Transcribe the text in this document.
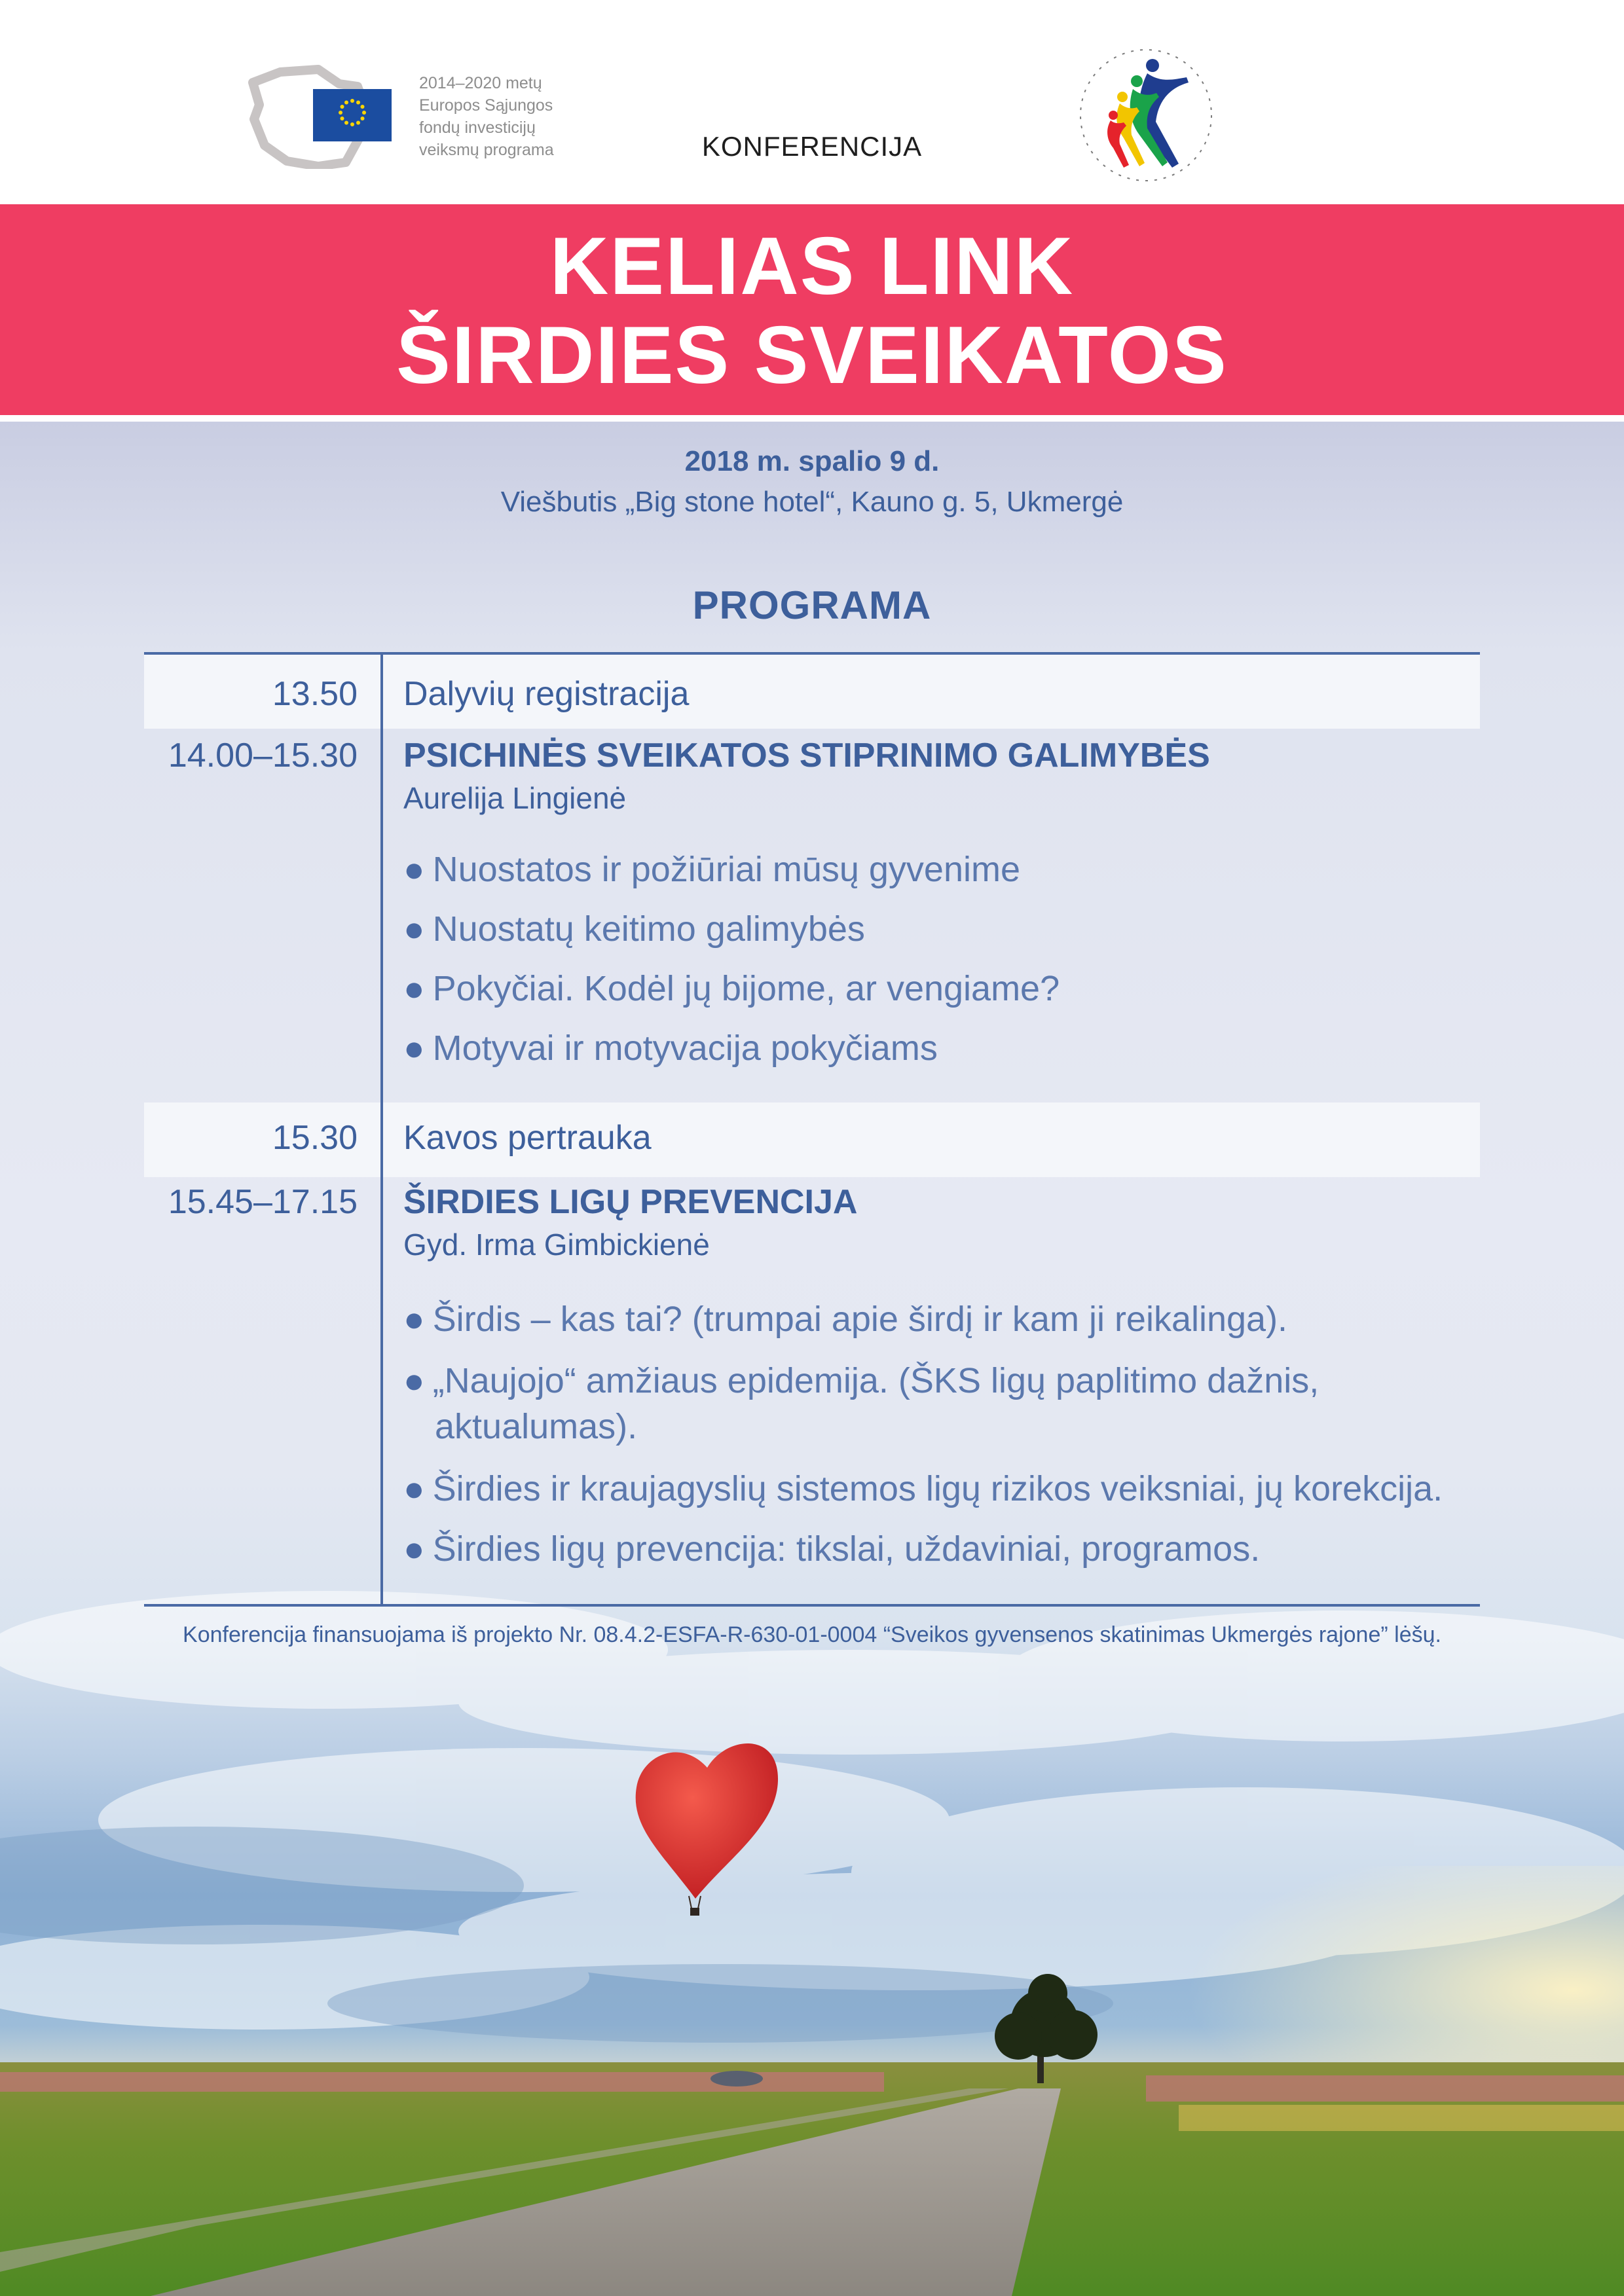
2014–2020 metų
Europos Sąjungos
fondų investicijų
veiksmų programa	KONFERENCIJA
KELIAS LINK
ŠIRDIES SVEIKATOS
2018 m. spalio 9 d.
Viešbutis „Big stone hotel“, Kauno g. 5, Ukmergė
PROGRAMA
13.50 Dalyvių registracija
14.00–15.30 PSICHINĖS SVEIKATOS STIPRINIMO GALIMYBĖS
Aurelija Lingienė
● Nuostatos ir požiūriai mūsų gyvenime
● Nuostatų keitimo galimybės
● Pokyčiai. Kodėl jų bijome, ar vengiame?
● Motyvai ir motyvacija pokyčiams
15.30 Kavos pertrauka
15.45–17.15 ŠIRDIES LIGŲ PREVENCIJA
Gyd. Irma Gimbickienė
● Širdis – kas tai? (trumpai apie širdį ir kam ji reikalinga).
● „Naujojo“ amžiaus epidemija. (ŠKS ligų paplitimo dažnis,
aktualumas).
● Širdies ir kraujagyslių sistemos ligų rizikos veiksniai, jų korekcija.
● Širdies ligų prevencija: tikslai, uždaviniai, programos.
Konferencija finansuojama iš projekto Nr. 08.4.2-ESFA-R-630-01-0004 “Sveikos gyvensenos skatinimas Ukmergės rajone” lėšų.
